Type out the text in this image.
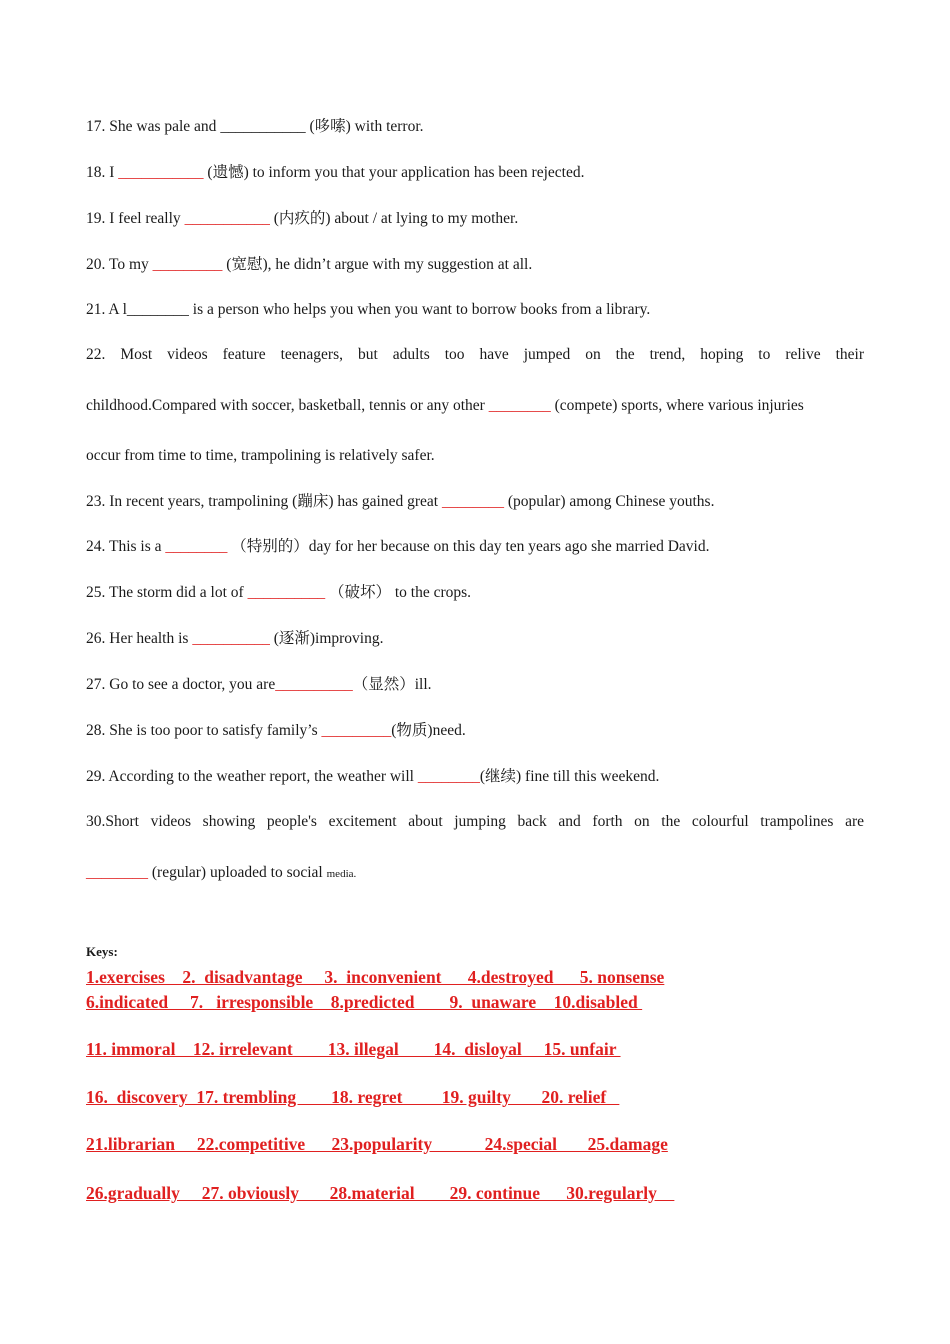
17. She was pale and ___________ (哆嗦) with terror.
18. I ___________ (遗憾) to inform you that your application has been rejected.
19. I feel really ___________ (内疚的) about / at lying to my mother.
20. To my _________ (宽慰), he didn’t argue with my suggestion at all.
21. A l________ is a person who helps you when you want to borrow books from a library.
22. Most videos feature teenagers, but adults too have jumped on the trend, hoping to relive their
childhood.Compared with soccer, basketball, tennis or any other ________ (compete) sports, where various injuries
occur from time to time, trampolining is relatively safer.
23. In recent years, trampolining (蹦床) has gained great ________ (popular) among Chinese youths.
24. This is a ________ （特别的）day for her because on this day ten years ago she married David.
25. The storm did a lot of __________ （破坏） to the crops.
26. Her health is __________ (逐渐)improving.
27. Go to see a doctor, you are__________（显然）ill.
28. She is too poor to satisfy family’s _________(物质)need.
29. According to the weather report, the weather will ________(继续) fine till this weekend.
30.Short videos showing people's excitement about jumping back and forth on the colourful trampolines are
________ (regular) uploaded to social media.
Keys:
1.exercises    2.  disadvantage     3.  inconvenient      4.destroyed      5. nonsense
6.indicated     7.   irresponsible    8.predicted        9.  unaware    10.disabled
11. immoral    12. irrelevant        13. illegal        14.  disloyal     15. unfair
16.  discovery  17. trembling        18. regret         19. guilty       20. relief
21.librarian     22.competitive      23.popularity            24.special       25.damage
26.gradually     27. obviously       28.material        29. continue      30.regularly
